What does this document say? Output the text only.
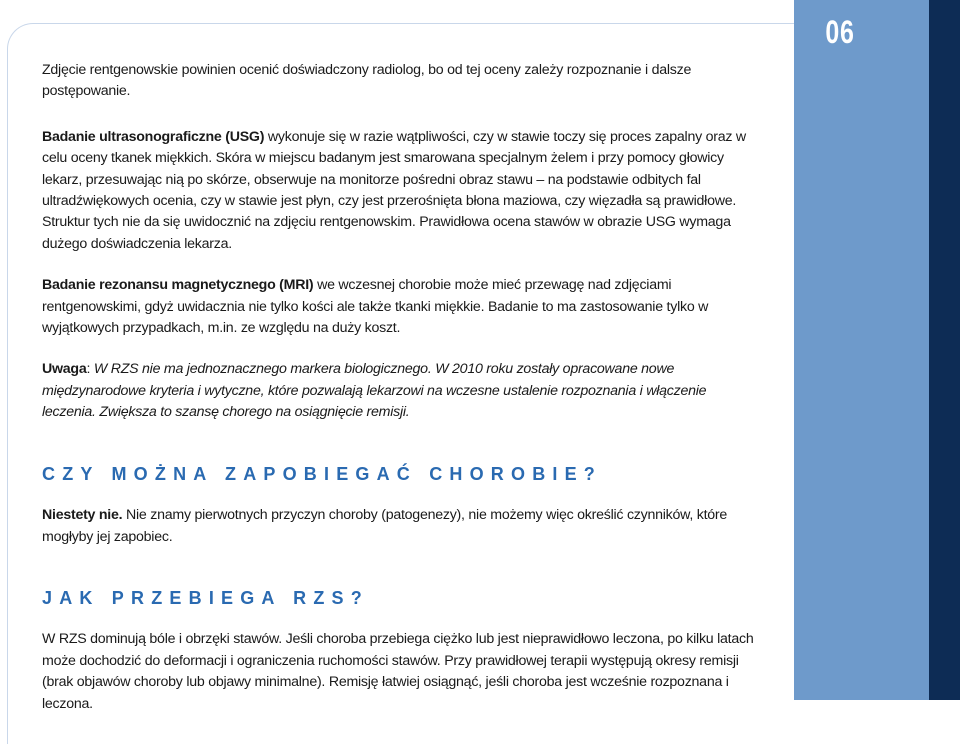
06

Zdjęcie rentgenowskie powinien ocenić doświadczony radiolog, bo od tej oceny zależy rozpoznanie i dalsze postępowanie.

Badanie ultrasonograficzne (USG) wykonuje się w razie wątpliwości, czy w stawie toczy się proces zapalny oraz w celu oceny tkanek miękkich. Skóra w miejscu badanym jest smarowana specjalnym żelem i przy pomocy głowicy lekarz, przesuwając nią po skórze, obserwuje na monitorze pośredni obraz stawu – na podstawie odbitych fal ultradźwiękowych ocenia, czy w stawie jest płyn, czy jest przerośnięta błona maziowa, czy więzadła są prawidłowe. Struktur tych nie da się uwidocznić na zdjęciu rentgenowskim. Prawidłowa ocena stawów w obrazie USG wymaga dużego doświadczenia lekarza.

Badanie rezonansu magnetycznego (MRI) we wczesnej chorobie może mieć przewagę nad zdjęciami rentgenowskimi, gdyż uwidacznia nie tylko kości ale także tkanki miękkie. Badanie to ma zastosowanie tylko w wyjątkowych przypadkach, m.in. ze względu na duży koszt.

Uwaga: W RZS nie ma jednoznacznego markera biologicznego. W 2010 roku zostały opracowane nowe międzynarodowe kryteria i wytyczne, które pozwalają lekarzowi na wczesne ustalenie rozpoznania i włączenie leczenia. Zwiększa to szansę chorego na osiągnięcie remisji.

CZY MOŻNA ZAPOBIEGAĆ CHOROBIE?

Niestety nie. Nie znamy pierwotnych przyczyn choroby (patogenezy), nie możemy więc określić czynników, które mogłyby jej zapobiec.

JAK PRZEBIEGA RZS?

W RZS dominują bóle i obrzęki stawów. Jeśli choroba przebiega ciężko lub jest nieprawidłowo leczona, po kilku latach może dochodzić do deformacji i ograniczenia ruchomości stawów. Przy prawidłowej terapii występują okresy remisji (brak objawów choroby lub objawy minimalne). Remisję łatwiej osiągnąć, jeśli choroba jest wcześnie rozpoznana i leczona.
